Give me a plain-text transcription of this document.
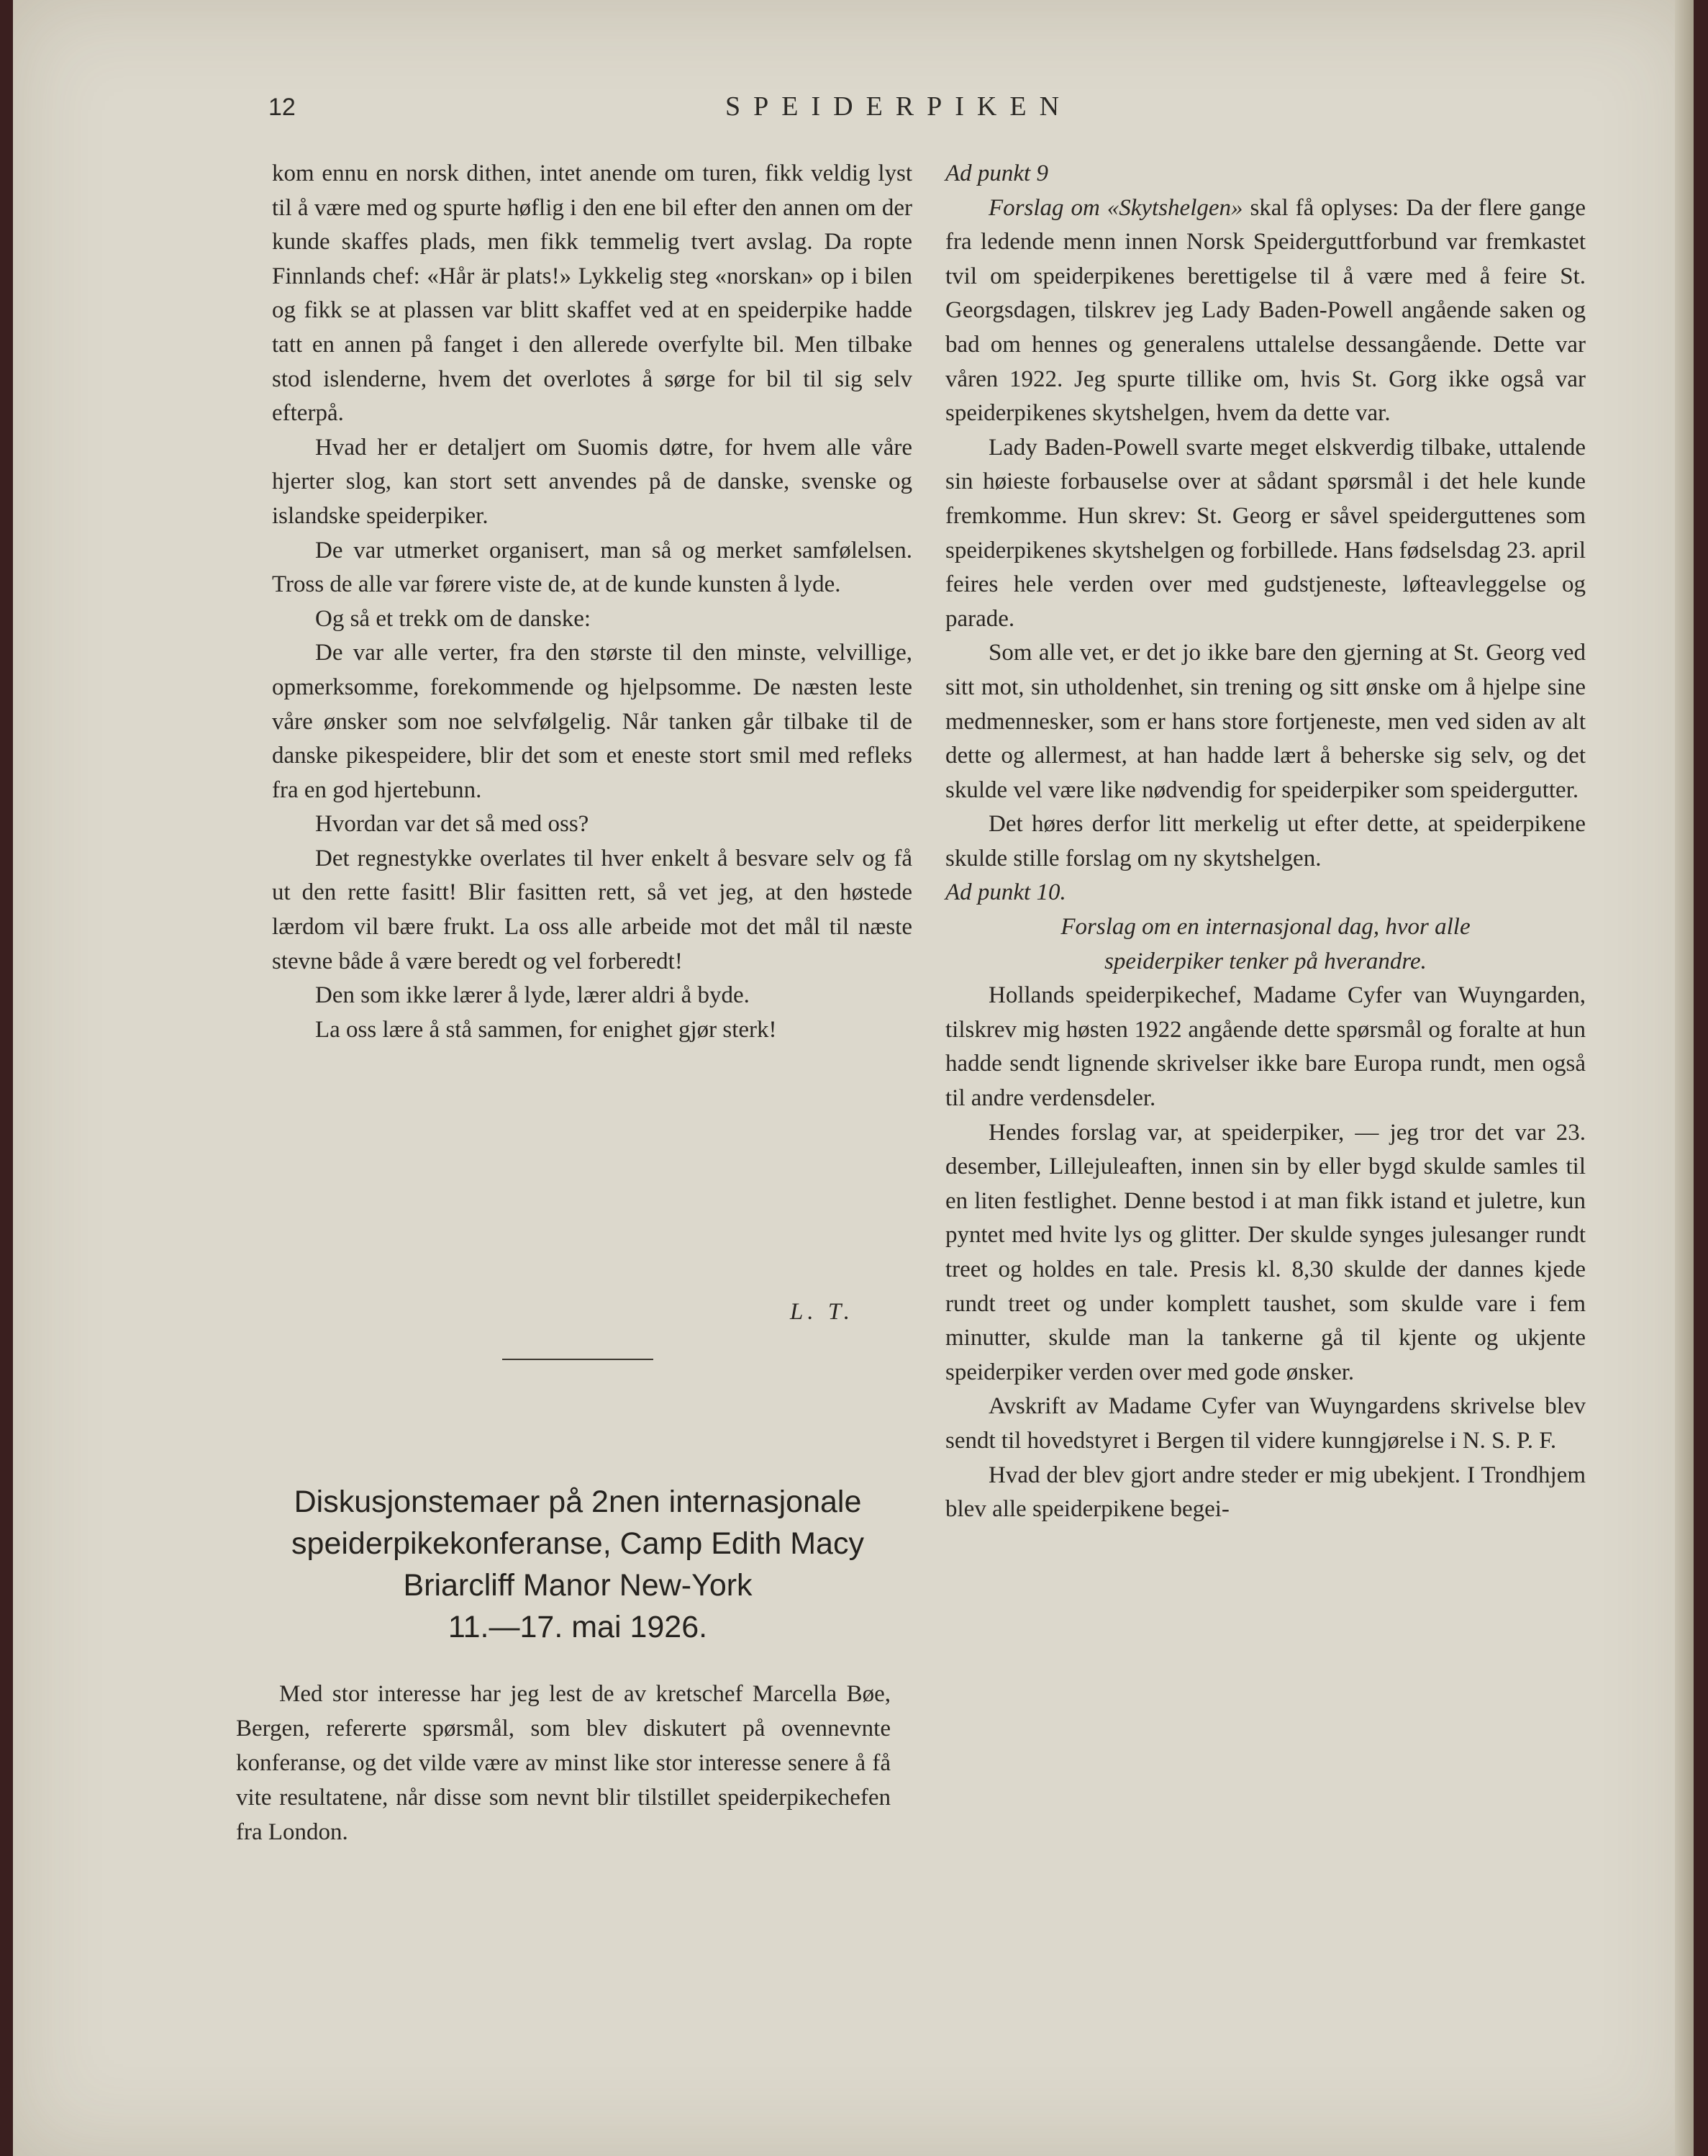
12	SPEIDERPIKEN

kom ennu en norsk dithen, intet anende om turen, fikk veldig lyst til å være med og spurte høflig i den ene bil efter den annen om der kunde skaffes plads, men fikk temmelig tvert avslag. Da ropte Finnlands chef: «Hår är plats!» Lykkelig steg «norskan» op i bilen og fikk se at plassen var blitt skaffet ved at en speiderpike hadde tatt en annen på fanget i den allerede overfylte bil. Men tilbake stod islenderne, hvem det overlotes å sørge for bil til sig selv efterpå.

Hvad her er detaljert om Suomis døtre, for hvem alle våre hjerter slog, kan stort sett anvendes på de danske, svenske og islandske speiderpiker.

De var utmerket organisert, man så og merket samfølelsen. Tross de alle var førere viste de, at de kunde kunsten å lyde.

Og så et trekk om de danske:

De var alle verter, fra den største til den minste, velvillige, opmerksomme, forekommende og hjelpsomme. De næsten leste våre ønsker som noe selvfølgelig. Når tanken går tilbake til de danske pikespeidere, blir det som et eneste stort smil med refleks fra en god hjertebunn.

Hvordan var det så med oss?

Det regnestykke overlates til hver enkelt å besvare selv og få ut den rette fasitt! Blir fasitten rett, så vet jeg, at den høstede lærdom vil bære frukt. La oss alle arbeide mot det mål til næste stevne både å være beredt og vel forberedt!

Den som ikke lærer å lyde, lærer aldri å byde.

La oss lære å stå sammen, for enighet gjør sterk!

L. T.
Diskusjonstemaer på 2nen internasjonale
speiderpikekonferanse, Camp Edith Macy
Briarcliff Manor New-York
11.—17. mai 1926.

Med stor interesse har jeg lest de av kretschef Marcella Bøe, Bergen, refererte spørsmål, som blev diskutert på ovennevnte konferanse, og det vilde være av minst like stor interesse senere å få vite resultatene, når disse som nevnt blir tilstillet speiderpikechefen fra London.

Ad punkt 9

Forslag om «Skytshelgen» skal få oplyses: Da der flere gange fra ledende menn innen Norsk Speiderguttforbund var fremkastet tvil om speiderpikenes berettigelse til å være med å feire St. Georgsdagen, tilskrev jeg Lady Baden-Powell angående saken og bad om hennes og generalens uttalelse dessangående. Dette var våren 1922. Jeg spurte tillike om, hvis St. Gorg ikke også var speiderpikenes skytshelgen, hvem da dette var.

Lady Baden-Powell svarte meget elskverdig tilbake, uttalende sin høieste forbauselse over at sådant spørsmål i det hele kunde fremkomme. Hun skrev: St. Georg er såvel speiderguttenes som speiderpikenes skytshelgen og forbillede. Hans fødselsdag 23. april feires hele verden over med gudstjeneste, løfteavleggelse og parade.

Som alle vet, er det jo ikke bare den gjerning at St. Georg ved sitt mot, sin utholdenhet, sin trening og sitt ønske om å hjelpe sine medmennesker, som er hans store fortjeneste, men ved siden av alt dette og allermest, at han hadde lært å beherske sig selv, og det skulde vel være like nødvendig for speiderpiker som speidergutter.

Det høres derfor litt merkelig ut efter dette, at speiderpikene skulde stille forslag om ny skytshelgen.

Ad punkt 10.

Forslag om en internasjonal dag, hvor alle

speiderpiker tenker på hverandre.

Hollands speiderpikechef, Madame Cyfer van Wuyngarden, tilskrev mig høsten 1922 angående dette spørsmål og foralte at hun hadde sendt lignende skrivelser ikke bare Europa rundt, men også til andre verdensdeler.

Hendes forslag var, at speiderpiker, — jeg tror det var 23. desember, Lillejuleaften, innen sin by eller bygd skulde samles til en liten festlighet. Denne bestod i at man fikk istand et juletre, kun pyntet med hvite lys og glitter. Der skulde synges julesanger rundt treet og holdes en tale. Presis kl. 8,30 skulde der dannes kjede rundt treet og under komplett taushet, som skulde vare i fem minutter, skulde man la tankerne gå til kjente og ukjente speiderpiker verden over med gode ønsker.

Avskrift av Madame Cyfer van Wuyngardens skrivelse blev sendt til hovedstyret i Bergen til videre kunngjørelse i N. S. P. F.

Hvad der blev gjort andre steder er mig ubekjent. I Trondhjem blev alle speiderpikene begei-
